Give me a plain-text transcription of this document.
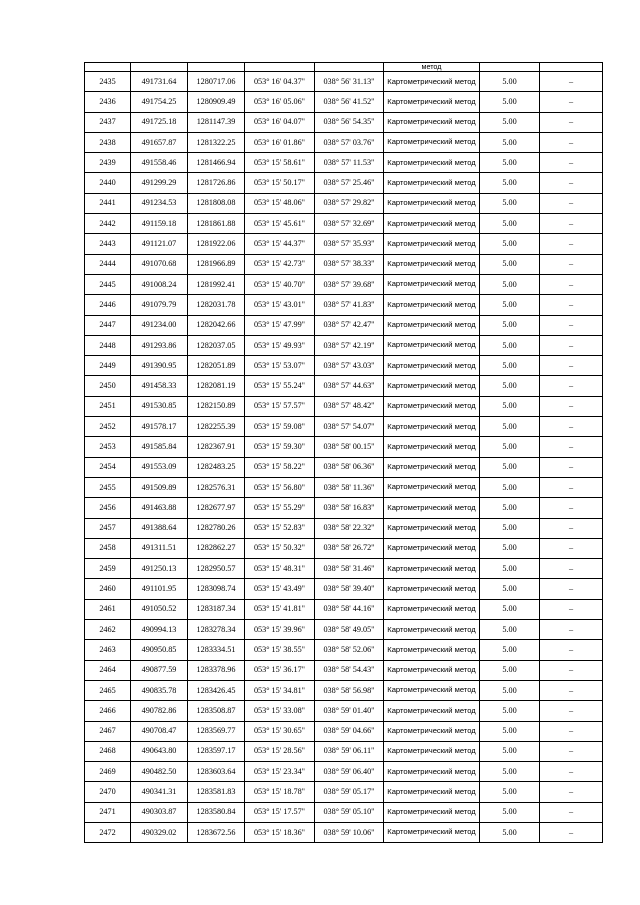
					метод		
2435	491731.64	1280717.06	053° 16' 04.37"	038° 56' 31.13"	Картометрический метод	5.00	–
2436	491754.25	1280909.49	053° 16' 05.06"	038° 56' 41.52"	Картометрический метод	5.00	–
2437	491725.18	1281147.39	053° 16' 04.07"	038° 56' 54.35"	Картометрический метод	5.00	–
2438	491657.87	1281322.25	053° 16' 01.86"	038° 57' 03.76"	Картометрический метод	5.00	–
2439	491558.46	1281466.94	053° 15' 58.61"	038° 57' 11.53"	Картометрический метод	5.00	–
2440	491299.29	1281726.86	053° 15' 50.17"	038° 57' 25.46"	Картометрический метод	5.00	–
2441	491234.53	1281808.08	053° 15' 48.06"	038° 57' 29.82"	Картометрический метод	5.00	–
2442	491159.18	1281861.88	053° 15' 45.61"	038° 57' 32.69"	Картометрический метод	5.00	–
2443	491121.07	1281922.06	053° 15' 44.37"	038° 57' 35.93"	Картометрический метод	5.00	–
2444	491070.68	1281966.89	053° 15' 42.73"	038° 57' 38.33"	Картометрический метод	5.00	–
2445	491008.24	1281992.41	053° 15' 40.70"	038° 57' 39.68"	Картометрический метод	5.00	–
2446	491079.79	1282031.78	053° 15' 43.01"	038° 57' 41.83"	Картометрический метод	5.00	–
2447	491234.00	1282042.66	053° 15' 47.99"	038° 57' 42.47"	Картометрический метод	5.00	–
2448	491293.86	1282037.05	053° 15' 49.93"	038° 57' 42.19"	Картометрический метод	5.00	–
2449	491390.95	1282051.89	053° 15' 53.07"	038° 57' 43.03"	Картометрический метод	5.00	–
2450	491458.33	1282081.19	053° 15' 55.24"	038° 57' 44.63"	Картометрический метод	5.00	–
2451	491530.85	1282150.89	053° 15' 57.57"	038° 57' 48.42"	Картометрический метод	5.00	–
2452	491578.17	1282255.39	053° 15' 59.08"	038° 57' 54.07"	Картометрический метод	5.00	–
2453	491585.84	1282367.91	053° 15' 59.30"	038° 58' 00.15"	Картометрический метод	5.00	–
2454	491553.09	1282483.25	053° 15' 58.22"	038° 58' 06.36"	Картометрический метод	5.00	–
2455	491509.89	1282576.31	053° 15' 56.80"	038° 58' 11.36"	Картометрический метод	5.00	–
2456	491463.88	1282677.97	053° 15' 55.29"	038° 58' 16.83"	Картометрический метод	5.00	–
2457	491388.64	1282780.26	053° 15' 52.83"	038° 58' 22.32"	Картометрический метод	5.00	–
2458	491311.51	1282862.27	053° 15' 50.32"	038° 58' 26.72"	Картометрический метод	5.00	–
2459	491250.13	1282950.57	053° 15' 48.31"	038° 58' 31.46"	Картометрический метод	5.00	–
2460	491101.95	1283098.74	053° 15' 43.49"	038° 58' 39.40"	Картометрический метод	5.00	–
2461	491050.52	1283187.34	053° 15' 41.81"	038° 58' 44.16"	Картометрический метод	5.00	–
2462	490994.13	1283278.34	053° 15' 39.96"	038° 58' 49.05"	Картометрический метод	5.00	–
2463	490950.85	1283334.51	053° 15' 38.55"	038° 58' 52.06"	Картометрический метод	5.00	–
2464	490877.59	1283378.96	053° 15' 36.17"	038° 58' 54.43"	Картометрический метод	5.00	–
2465	490835.78	1283426.45	053° 15' 34.81"	038° 58' 56.98"	Картометрический метод	5.00	–
2466	490782.86	1283508.87	053° 15' 33.08"	038° 59' 01.40"	Картометрический метод	5.00	–
2467	490708.47	1283569.77	053° 15' 30.65"	038° 59' 04.66"	Картометрический метод	5.00	–
2468	490643.80	1283597.17	053° 15' 28.56"	038° 59' 06.11"	Картометрический метод	5.00	–
2469	490482.50	1283603.64	053° 15' 23.34"	038° 59' 06.40"	Картометрический метод	5.00	–
2470	490341.31	1283581.83	053° 15' 18.78"	038° 59' 05.17"	Картометрический метод	5.00	–
2471	490303.87	1283580.84	053° 15' 17.57"	038° 59' 05.10"	Картометрический метод	5.00	–
2472	490329.02	1283672.56	053° 15' 18.36"	038° 59' 10.06"	Картометрический метод	5.00	–
